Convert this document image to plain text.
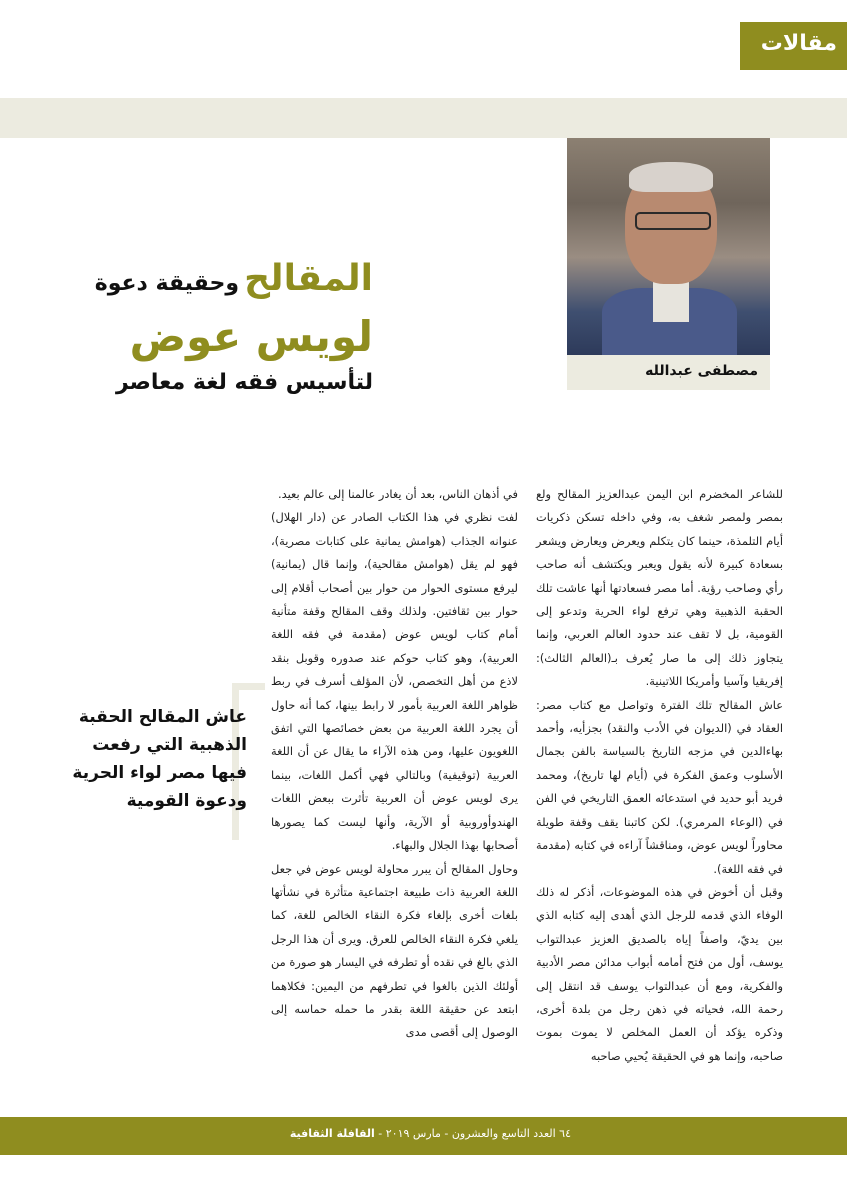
مقالات
مصطفى عبدالله
المقالح وحقيقة دعوة
لويس عوض
لتأسيس فقه لغة معاصر

للشاعر المخضرم ابن اليمن عبدالعزيز المقالح ولع بمصر ولمصر شغف به، وفي داخله تسكن ذكريات أيام التلمذة، حينما كان يتكلم ويعرض ويعارض ويشعر بسعادة كبيرة لأنه يقول ويعبر ويكتشف أنه صاحب رأي وصاحب رؤية. أما مصر فسعادتها أنها عاشت تلك الحقبة الذهبية وهي ترفع لواء الحرية وتدعو إلى القومية، بل لا تقف عند حدود العالم العربي، وإنما يتجاوز ذلك إلى ما صار يُعرف بـ(العالم الثالث): إفريقيا وآسيا وأمريكا اللاتينية.

عاش المقالح تلك الفترة وتواصل مع كتاب مصر: العقاد في (الديوان في الأدب والنقد) بجزأيه، وأحمد بهاءالدين في مزجه التاريخ بالسياسة بالفن بجمال الأسلوب وعمق الفكرة في (أيام لها تاريخ)، ومحمد فريد أبو حديد في استدعائه العمق التاريخي في الفن في (الوعاء المرمري). لكن كاتبنا يقف وقفة طويلة محاوراً لويس عوض، ومناقشاً آراءه في كتابه (مقدمة في فقه اللغة).

وقبل أن أخوض في هذه الموضوعات، أذكر له ذلك الوفاء الذي قدمه للرجل الذي أهدى إليه كتابه الذي بين يديّ، واصفاً إياه بالصديق العزيز عبدالتواب يوسف، أول من فتح أمامه أبواب مدائن مصر الأدبية والفكرية، ومع أن عبدالتواب يوسف قد انتقل إلى رحمة الله، فحياته في ذهن رجل من بلدة أخرى، وذكره يؤكد أن العمل المخلص لا يموت بموت صاحبه، وإنما هو في الحقيقة يُحيي صاحبه

في أذهان الناس، بعد أن يغادر عالمنا إلى عالم بعيد.

لفت نظري في هذا الكتاب الصادر عن (دار الهلال) عنوانه الجذاب (هوامش يمانية على كتابات مصرية)، فهو لم يقل (هوامش مقالحية)، وإنما قال (يمانية) ليرفع مستوى الحوار من حوار بين أصحاب أقلام إلى حوار بين ثقافتين. ولذلك وقف المقالح وقفة متأنية أمام كتاب لويس عوض (مقدمة في فقه اللغة العربية)، وهو كتاب حوكم عند صدوره وقوبل بنقد لاذع من أهل التخصص، لأن المؤلف أسرف في ربط ظواهر اللغة العربية بأمور لا رابط بينها، كما أنه حاول أن يجرد اللغة العربية من بعض خصائصها التي اتفق اللغويون عليها، ومن هذه الآراء ما يقال عن أن اللغة العربية (توقيفية) وبالتالي فهي أكمل اللغات، بينما يرى لويس عوض أن العربية تأثرت ببعض اللغات الهندوأوروبية أو الآرية، وأنها ليست كما يصورها أصحابها بهذا الجلال والبهاء.

وحاول المقالح أن يبرر محاولة لويس عوض في جعل اللغة العربية ذات طبيعة اجتماعية متأثرة في نشأتها بلغات أخرى بإلغاء فكرة النقاء الخالص للغة، كما يلغي فكرة النقاء الخالص للعرق. ويرى أن هذا الرجل الذي بالغ في نقده أو تطرفه في اليسار هو صورة من أولئك الذين بالغوا في تطرفهم من اليمين: فكلاهما ابتعد عن حقيقة اللغة بقدر ما حمله حماسه إلى الوصول إلى أقصى مدى

عاش المقالح الحقبة الذهبية التي رفعت فيها مصر لواء الحرية ودعوة القومية
٦٤ العدد التاسع والعشرون - مارس ٢٠١٩ - القافلة الثقافية
